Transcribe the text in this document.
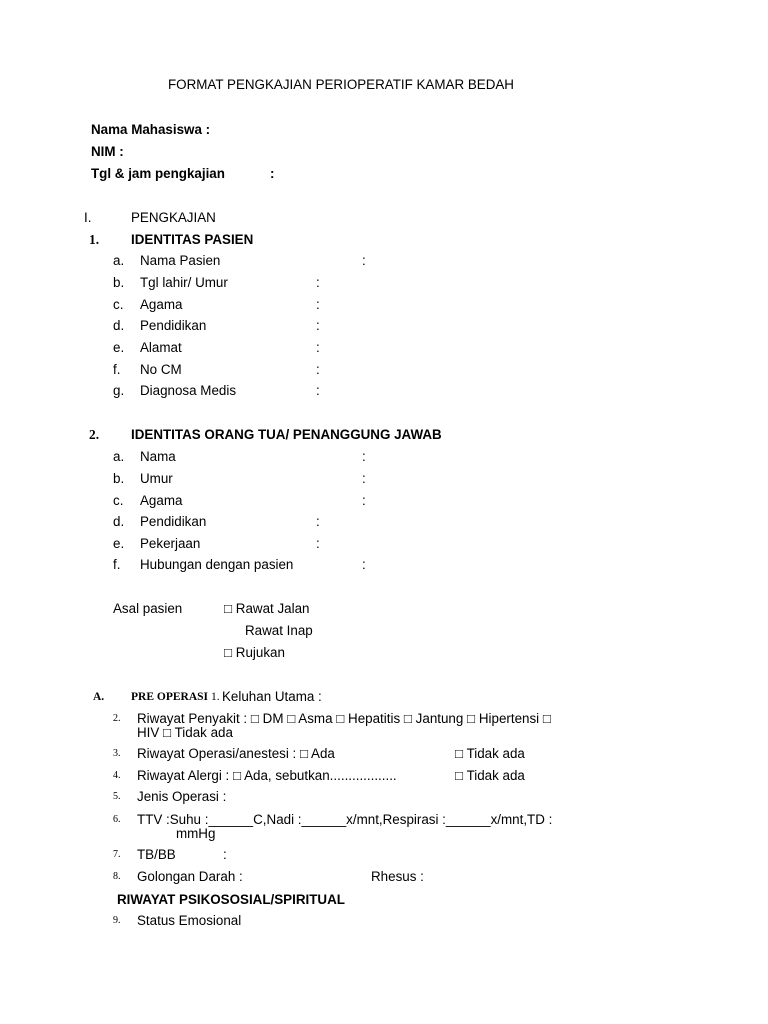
FORMAT PENGKAJIAN PERIOPERATIF KAMAR BEDAH
Nama Mahasiswa :
NIM :
Tgl & jam pengkajian	:
I.	PENGKAJIAN
1. IDENTITAS PASIEN
a. Nama Pasien	:
b. Tgl lahir/ Umur	:
c. Agama	:
d. Pendidikan	:
e. Alamat	:
f. No CM	:
g. Diagnosa Medis	:
2. IDENTITAS ORANG TUA/ PENANGGUNG JAWAB
a. Nama	:
b. Umur	:
c. Agama	:
d. Pendidikan	:
e. Pekerjaan	:
f. Hubungan dengan pasien	:
Asal pasien	□ Rawat Jalan
Rawat Inap
□ Rujukan
A. PRE OPERASI 1. Keluhan Utama :
2. Riwayat Penyakit : □ DM □ Asma □ Hepatitis □ Jantung □ Hipertensi □
HIV □ Tidak ada
3. Riwayat Operasi/anestesi : □ Ada	□ Tidak ada
4. Riwayat Alergi : □ Ada, sebutkan..................	□ Tidak ada
5. Jenis Operasi :
6. TTV :Suhu :______C,Nadi :______x/mnt,Respirasi :______x/mnt,TD :
mmHg
7. TB/BB	:
8. Golongan Darah :	Rhesus :
RIWAYAT PSIKOSOSIAL/SPIRITUAL
9. Status Emosional
